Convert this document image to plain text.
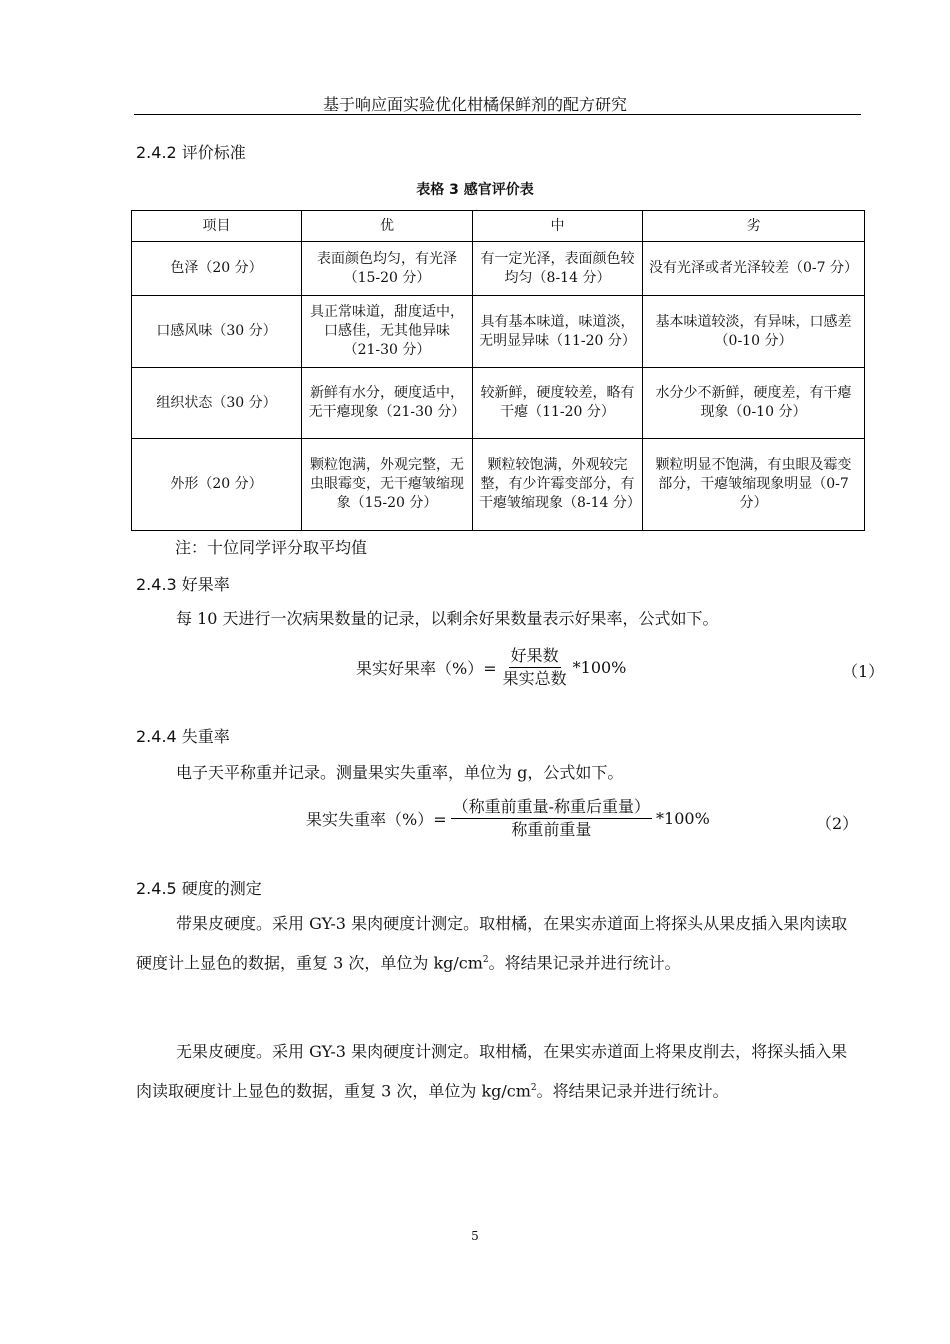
基于响应面实验优化柑橘保鲜剂的配方研究
2.4.2 评价标准
表格 3 感官评价表
项目	优	中	劣
色泽（20 分）	表面颜色均匀，有光泽（15-20 分）	有一定光泽，表面颜色较均匀（8-14 分）	没有光泽或者光泽较差（0-7 分）
口感风味（30 分）	具正常味道，甜度适中，口感佳，无其他异味（21-30 分）	具有基本味道，味道淡，无明显异味（11-20 分）	基本味道较淡，有异味，口感差（0-10 分）
组织状态（30 分）	新鲜有水分，硬度适中，无干瘪现象（21-30 分）	较新鲜，硬度较差，略有干瘪（11-20 分）	水分少不新鲜，硬度差，有干瘪现象（0-10 分）
外形（20 分）	颗粒饱满，外观完整，无虫眼霉变，无干瘪皱缩现象（15-20 分）	颗粒较饱满，外观较完整，有少许霉变部分，有干瘪皱缩现象（8-14 分）	颗粒明显不饱满，有虫眼及霉变部分，干瘪皱缩现象明显（0-7 分）
注：十位同学评分取平均值
2.4.3 好果率
每 10 天进行一次病果数量的记录，以剩余好果数量表示好果率，公式如下。
果实好果率（%）= $\frac{\text{好果数}}{\text{果实总数}} *100\%$	（1）
2.4.4 失重率
电子天平称重并记录。测量果实失重率，单位为 g，公式如下。
果实失重率（%）= $\frac{\text{（称重前重量-称重后重量）}}{\text{称重前重量}} *100\%$	（2）
2.4.5 硬度的测定
带果皮硬度。采用 GY-3 果肉硬度计测定。取柑橘，在果实赤道面上将探头从果皮插入果肉读取硬度计上显色的数据，重复 3 次，单位为 $kg/cm^2$。将结果记录并进行统计。
无果皮硬度。采用 GY-3 果肉硬度计测定。取柑橘，在果实赤道面上将果皮削去，将探头插入果肉读取硬度计上显色的数据，重复 3 次，单位为 $kg/cm^2$。将结果记录并进行统计。
5
